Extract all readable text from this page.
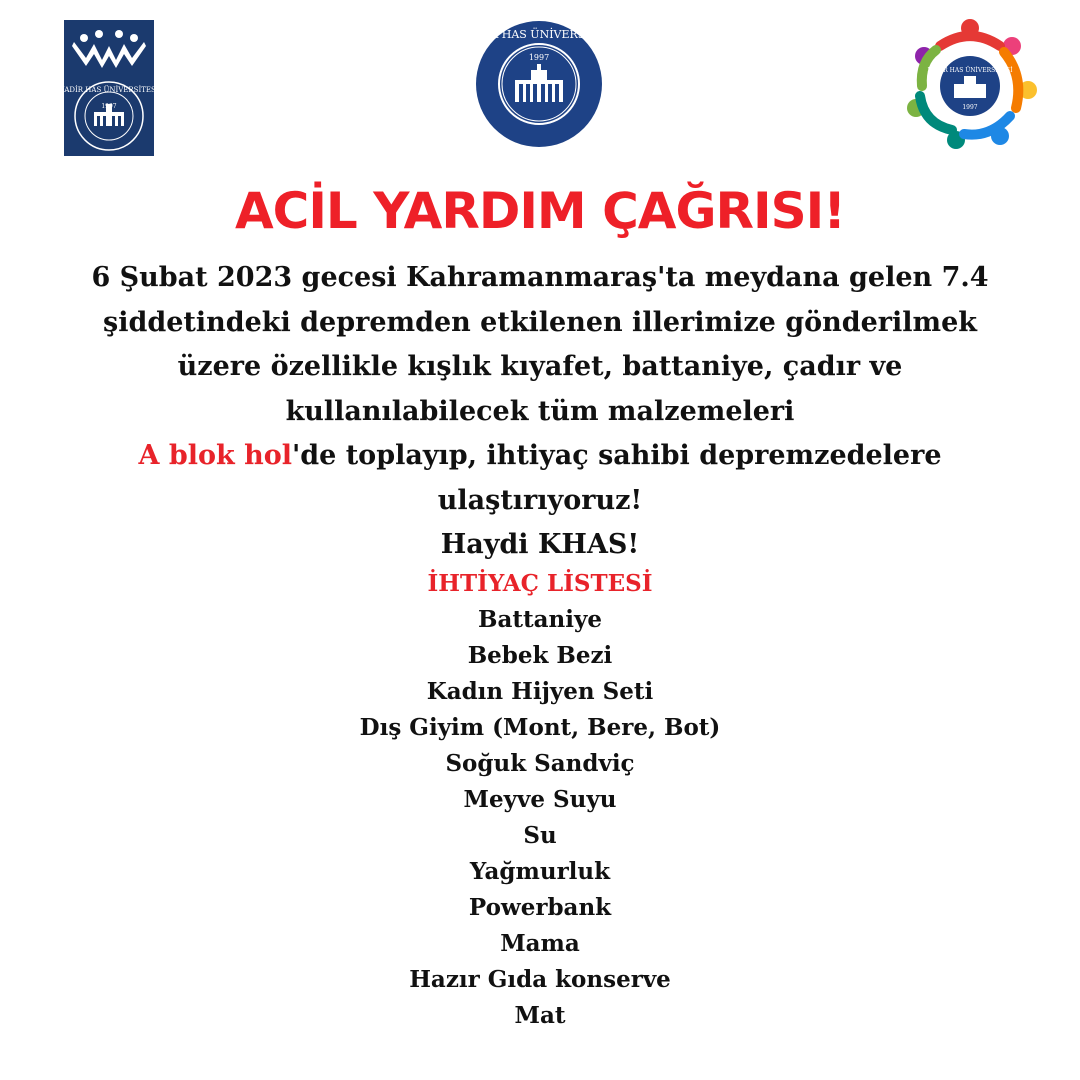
KADİR HAS ÜNİVERSİTESİ
1997
KADİR HAS ÜNİVERSİTESİ
1997
KADİR HAS ÜNİVERSİTESİ
1997
ACİL YARDIM ÇAĞRISI!

6 Şubat 2023 gecesi Kahramanmaraş'ta meydana gelen 7.4
şiddetindeki depremden etkilenen illerimize gönderilmek
üzere özellikle kışlık kıyafet, battaniye, çadır ve
kullanılabilecek tüm malzemeleri
A blok hol'de toplayıp, ihtiyaç sahibi depremzedelere
ulaştırıyoruz!
Haydi KHAS!

İHTİYAÇ LİSTESİ
Battaniye
Bebek Bezi
Kadın Hijyen Seti
Dış Giyim (Mont, Bere, Bot)
Soğuk Sandviç
Meyve Suyu
Su
Yağmurluk
Powerbank
Mama
Hazır Gıda konserve
Mat
